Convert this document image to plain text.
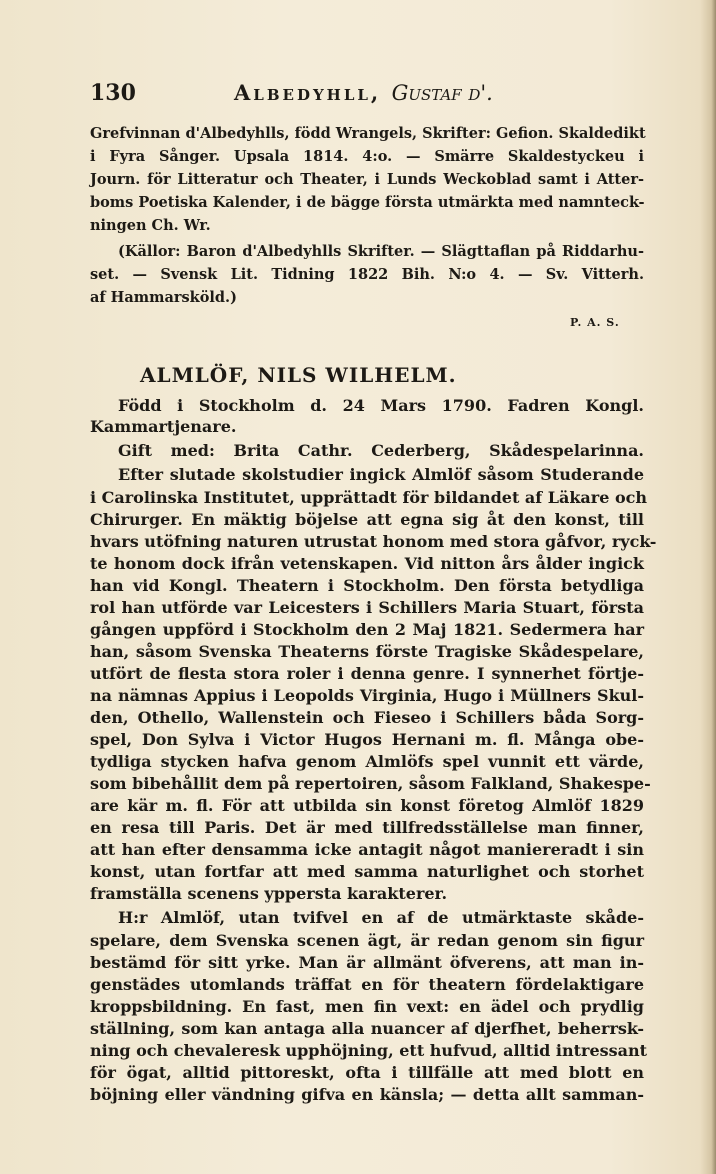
130	Albedyhll, Gustaf d'.
Grefvinnan d'Albedyhlls, född Wrangels, Skrifter: Gefion. Skaldedikt
i Fyra Sånger. Upsala 1814. 4:o. — Smärre Skaldestyckeu i
Journ. för Litteratur och Theater, i Lunds Weckoblad samt i Atter-
boms Poetiska Kalender, i de bägge första utmärkta med namnteck-
ningen Ch. Wr.
(Källor: Baron d'Albedyhlls Skrifter. — Slägttaflan på Riddarhu-
set. — Svensk Lit. Tidning 1822 Bih. N:o 4. — Sv. Vitterh.
af Hammarsköld.)
P. A. S.
ALMLÖF, NILS WILHELM.
Född i Stockholm d. 24 Mars 1790. Fadren Kongl.
Kammartjenare.
Gift med: Brita Cathr. Cederberg, Skådespelarinna.
Efter slutade skolstudier ingick Almlöf såsom Studerande
i Carolinska Institutet, upprättadt för bildandet af Läkare och
Chirurger. En mäktig böjelse att egna sig åt den konst, till
hvars utöfning naturen utrustat honom med stora gåfvor, ryck-
te honom dock ifrån vetenskapen. Vid nitton års ålder ingick
han vid Kongl. Theatern i Stockholm. Den första betydliga
rol han utförde var Leicesters i Schillers Maria Stuart, första
gången uppförd i Stockholm den 2 Maj 1821. Sedermera har
han, såsom Svenska Theaterns förste Tragiske Skådespelare,
utfört de flesta stora roler i denna genre. I synnerhet förtje-
na nämnas Appius i Leopolds Virginia, Hugo i Müllners Skul-
den, Othello, Wallenstein och Fieseo i Schillers båda Sorg-
spel, Don Sylva i Victor Hugos Hernani m. fl. Många obe-
tydliga stycken hafva genom Almlöfs spel vunnit ett värde,
som bibehållit dem på repertoiren, såsom Falkland, Shakespe-
are kär m. fl. För att utbilda sin konst företog Almlöf 1829
en resa till Paris. Det är med tillfredsställelse man finner,
att han efter densamma icke antagit något maniereradt i sin
konst, utan fortfar att med samma naturlighet och storhet
framställa scenens yppersta karakterer.
H:r Almlöf, utan tvifvel en af de utmärktaste skåde-
spelare, dem Svenska scenen ägt, är redan genom sin figur
bestämd för sitt yrke. Man är allmänt öfverens, att man in-
genstädes utomlands träffat en för theatern fördelaktigare
kroppsbildning. En fast, men fin vext: en ädel och prydlig
ställning, som kan antaga alla nuancer af djerfhet, beherrsk-
ning och chevaleresk upphöjning, ett hufvud, alltid intressant
för ögat, alltid pittoreskt, ofta i tillfälle att med blott en
böjning eller vändning gifva en känsla; — detta allt samman-
